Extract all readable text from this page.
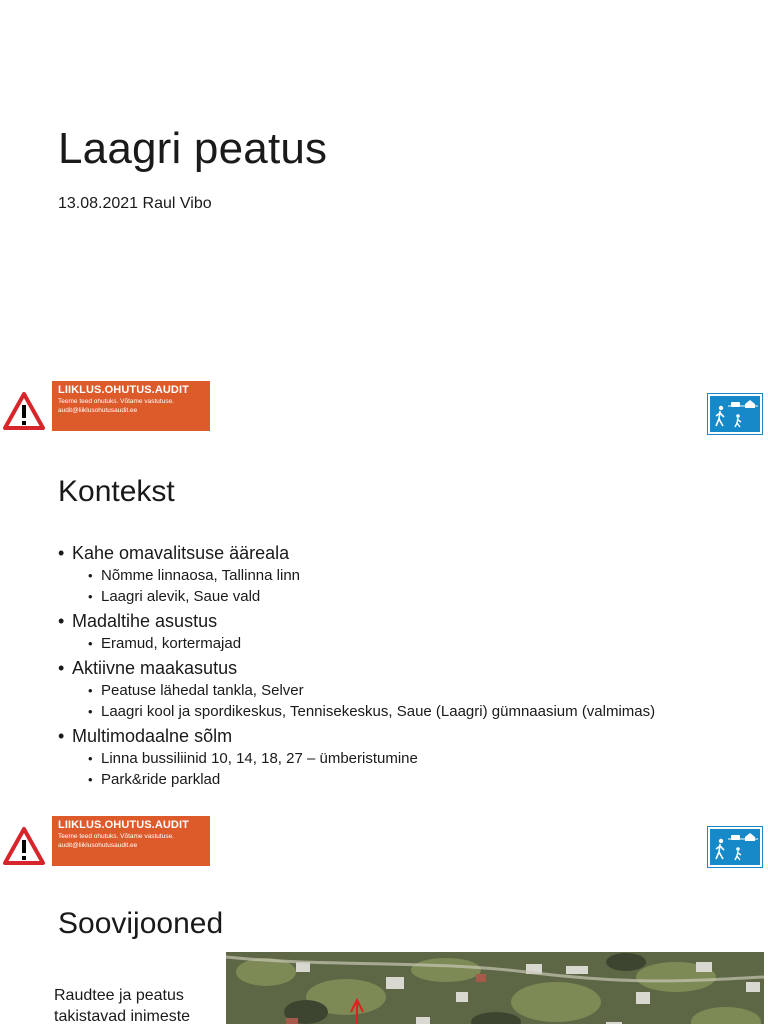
Laagri peatus

13.08.2021 Raul Vibo

LIIKLUS.OHUTUS.AUDIT
Teeme teed ohutuks. Võtame vastutuse.
audit@liiklusohutusaudit.ee
Kontekst
• Kahe omavalitsuse ääreala
• Nõmme linnaosa, Tallinna linn
• Laagri alevik, Saue vald
• Madaltihe asustus
• Eramud, kortermajad
• Aktiivne maakasutus
• Peatuse lähedal tankla, Selver
• Laagri kool ja spordikeskus, Tennisekeskus, Saue (Laagri) gümnaasium (valmimas)
• Multimodaalne sõlm
• Linna bussiliinid 10, 14, 18, 27 – ümberistumine
• Park&ride parklad
LIIKLUS.OHUTUS.AUDIT
Teeme teed ohutuks. Võtame vastutuse.
audit@liiklusohutusaudit.ee
Soovijooned

Raudtee ja peatus takistavad inimeste
